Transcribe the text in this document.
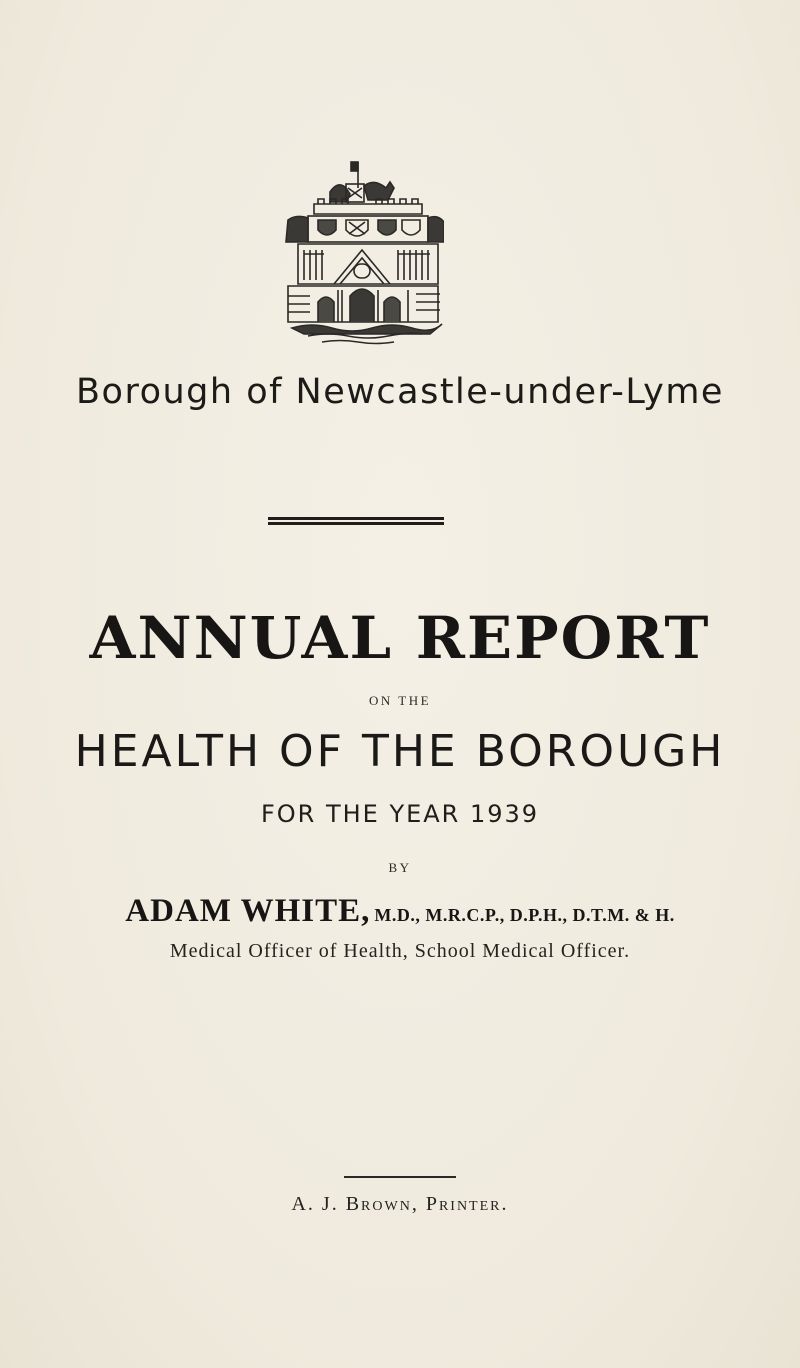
Borough of Newcastle-under-Lyme
ANNUAL REPORT
ON THE
HEALTH OF THE BOROUGH
FOR THE YEAR 1939
BY
ADAM WHITE, M.D., M.R.C.P., D.P.H., D.T.M. & H.
Medical Officer of Health, School Medical Officer.
A. J. Brown, Printer.
